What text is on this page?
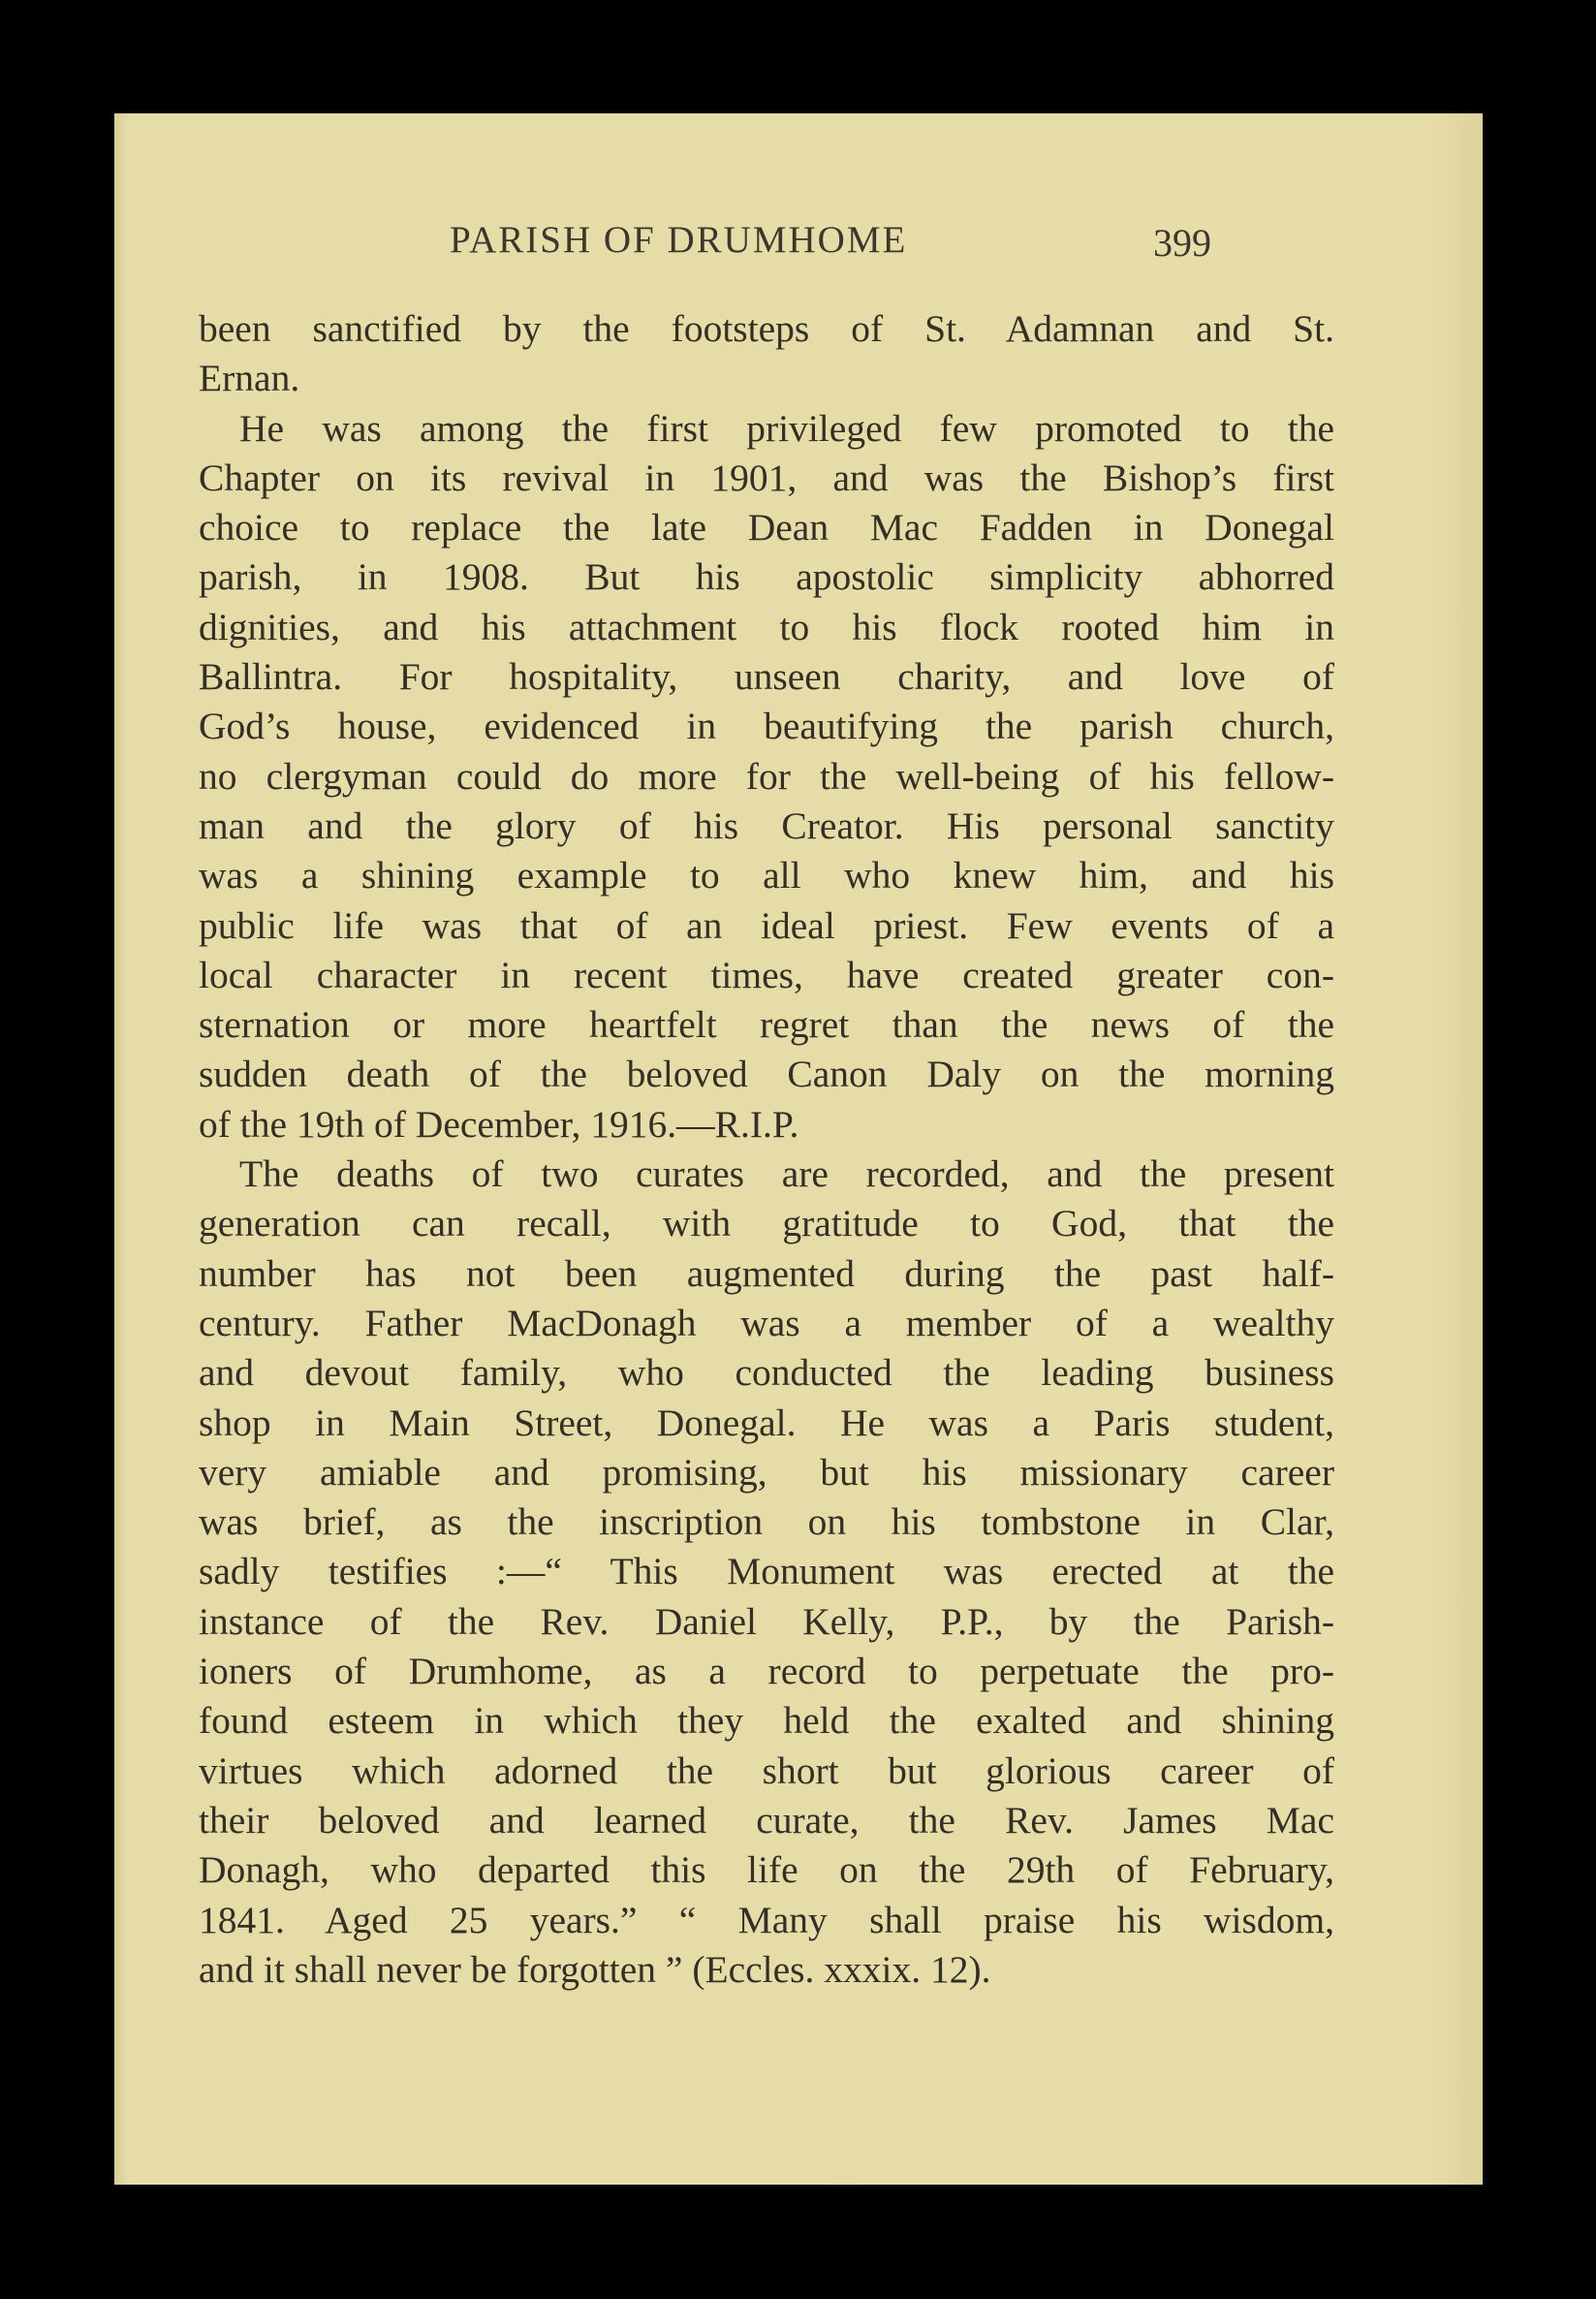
PARISH OF DRUMHOME	399
been sanctified by the footsteps of St. Adamnan and St.
Ernan.
He was among the first privileged few promoted to the
Chapter on its revival in 1901, and was the Bishop’s first
choice to replace the late Dean Mac Fadden in Donegal
parish, in 1908. But his apostolic simplicity abhorred
dignities, and his attachment to his flock rooted him in
Ballintra. For hospitality, unseen charity, and love of
God’s house, evidenced in beautifying the parish church,
no clergyman could do more for the well-being of his fellow-
man and the glory of his Creator. His personal sanctity
was a shining example to all who knew him, and his
public life was that of an ideal priest. Few events of a
local character in recent times, have created greater con-
sternation or more heartfelt regret than the news of the
sudden death of the beloved Canon Daly on the morning
of the 19th of December, 1916.—R.I.P.
The deaths of two curates are recorded, and the present
generation can recall, with gratitude to God, that the
number has not been augmented during the past half-
century. Father MacDonagh was a member of a wealthy
and devout family, who conducted the leading business
shop in Main Street, Donegal. He was a Paris student,
very amiable and promising, but his missionary career
was brief, as the inscription on his tombstone in Clar,
sadly testifies :—“ This Monument was erected at the
instance of the Rev. Daniel Kelly, P.P., by the Parish-
ioners of Drumhome, as a record to perpetuate the pro-
found esteem in which they held the exalted and shining
virtues which adorned the short but glorious career of
their beloved and learned curate, the Rev. James Mac
Donagh, who departed this life on the 29th of February,
1841. Aged 25 years.” “ Many shall praise his wisdom,
and it shall never be forgotten ” (Eccles. xxxix. 12).
